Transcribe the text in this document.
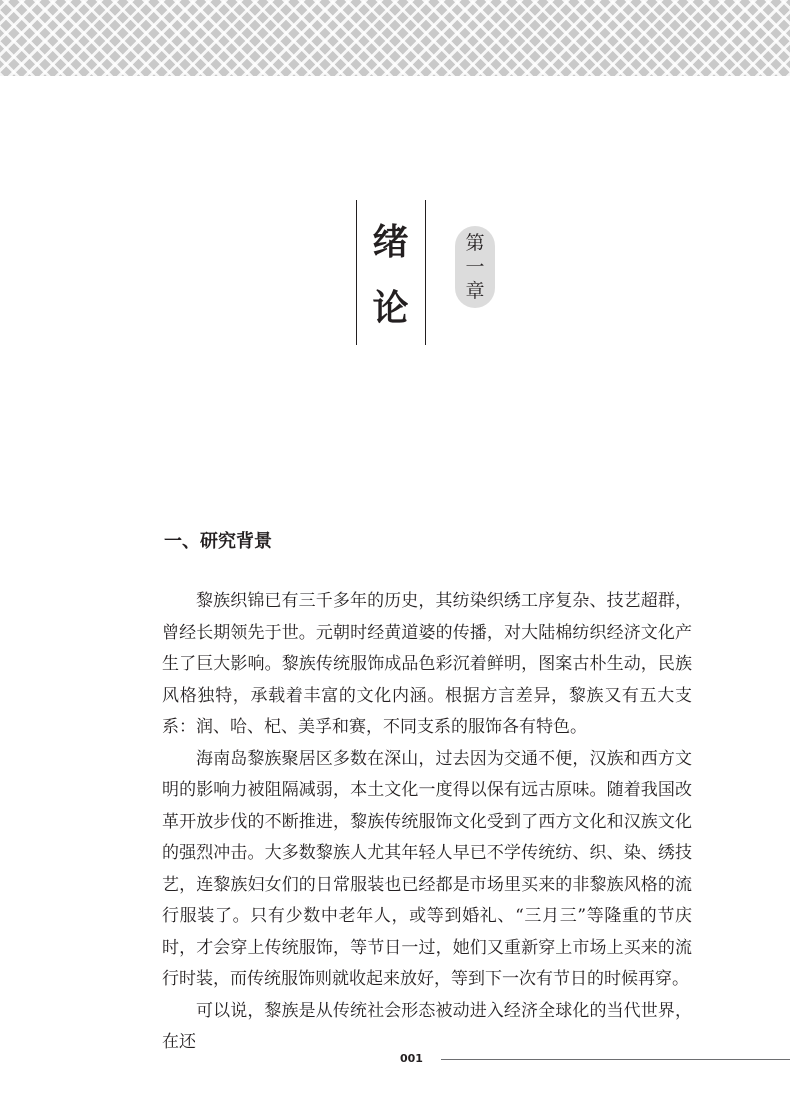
绪
论
第
一
章
一、研究背景

黎族织锦已有三千多年的历史，其纺染织绣工序复杂、技艺超群，曾经长期领先于世。元朝时经黄道婆的传播，对大陆棉纺织经济文化产生了巨大影响。黎族传统服饰成品色彩沉着鲜明，图案古朴生动，民族风格独特，承载着丰富的文化内涵。根据方言差异，黎族又有五大支系：润、哈、杞、美孚和赛，不同支系的服饰各有特色。

海南岛黎族聚居区多数在深山，过去因为交通不便，汉族和西方文明的影响力被阻隔减弱，本土文化一度得以保有远古原味。随着我国改革开放步伐的不断推进，黎族传统服饰文化受到了西方文化和汉族文化的强烈冲击。大多数黎族人尤其年轻人早已不学传统纺、织、染、绣技艺，连黎族妇女们的日常服装也已经都是市场里买来的非黎族风格的流行服装了。只有少数中老年人，或等到婚礼、“三月三”等隆重的节庆时，才会穿上传统服饰，等节日一过，她们又重新穿上市场上买来的流行时装，而传统服饰则就收起来放好，等到下一次有节日的时候再穿。

可以说，黎族是从传统社会形态被动进入经济全球化的当代世界，在还

001
